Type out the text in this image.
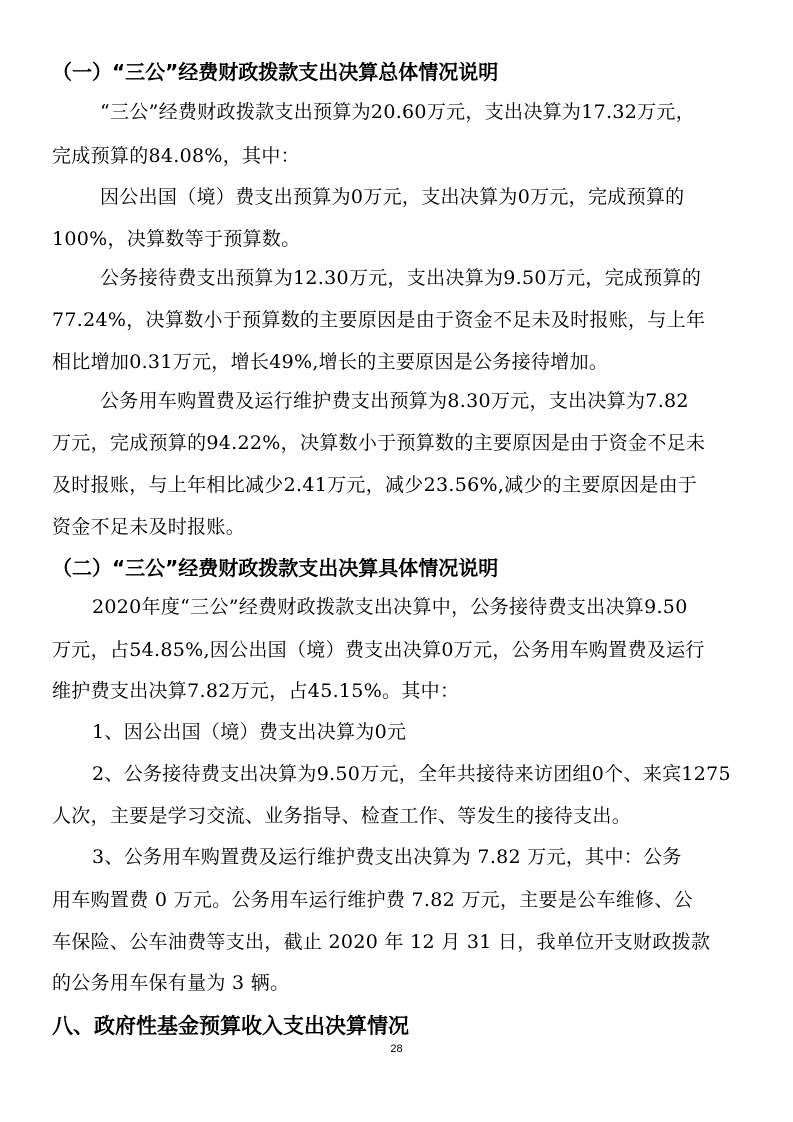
（一）“三公”经费财政拨款支出决算总体情况说明
“三公”经费财政拨款支出预算为20.60万元，支出决算为17.32万元，
完成预算的84.08%，其中：
因公出国（境）费支出预算为0万元，支出决算为0万元，完成预算的
100%，决算数等于预算数。
公务接待费支出预算为12.30万元，支出决算为9.50万元，完成预算的
77.24%，决算数小于预算数的主要原因是由于资金不足未及时报账，与上年
相比增加0.31万元，增长49%,增长的主要原因是公务接待增加。
公务用车购置费及运行维护费支出预算为8.30万元，支出决算为7.82
万元，完成预算的94.22%，决算数小于预算数的主要原因是由于资金不足未
及时报账，与上年相比减少2.41万元，减少23.56%,减少的主要原因是由于
资金不足未及时报账。
（二）“三公”经费财政拨款支出决算具体情况说明
2020年度“三公”经费财政拨款支出决算中，公务接待费支出决算9.50
万元，占54.85%,因公出国（境）费支出决算0万元，公务用车购置费及运行
维护费支出决算7.82万元，占45.15%。其中：
1、因公出国（境）费支出决算为0元
2、公务接待费支出决算为9.50万元，全年共接待来访团组0个、来宾1275
人次，主要是学习交流、业务指导、检查工作、等发生的接待支出。
3、公务用车购置费及运行维护费支出决算为 7.82 万元，其中：公务
用车购置费 0 万元。公务用车运行维护费 7.82 万元，主要是公车维修、公
车保险、公车油费等支出，截止 2020 年 12 月 31 日，我单位开支财政拨款
的公务用车保有量为 3 辆。
八、政府性基金预算收入支出决算情况
28
